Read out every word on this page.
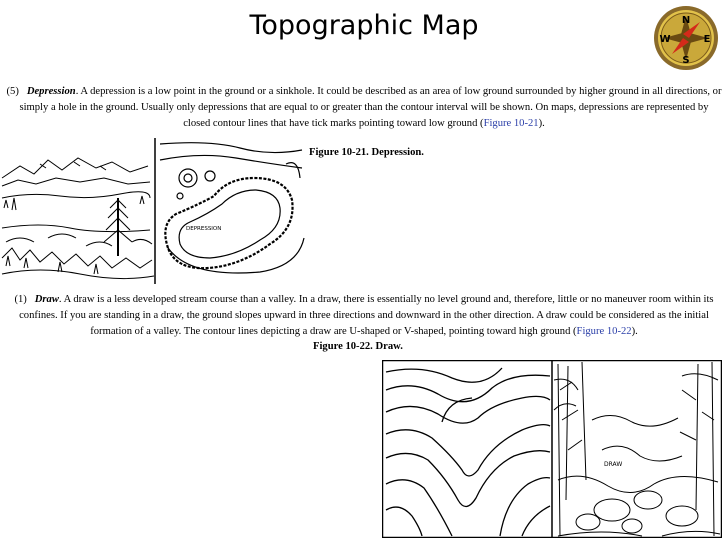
Topographic Map	N
S
W	E
(5) Depression. A depression is a low point in the ground or a sinkhole. It could be described as an area of low ground surrounded by higher ground in all directions, or simply a hole in the ground. Usually only depressions that are equal to or greater than the contour interval will be shown. On maps, depressions are represented by closed contour lines that have tick marks pointing toward low ground (Figure 10-21).
Figure 10-21. Depression.
DEPRESSION
(1) Draw. A draw is a less developed stream course than a valley. In a draw, there is essentially no level ground and, therefore, little or no maneuver room within its confines. If you are standing in a draw, the ground slopes upward in three directions and downward in the other direction. A draw could be considered as the initial formation of a valley. The contour lines depicting a draw are U-shaped or V-shaped, pointing toward high ground (Figure 10-22).
Figure 10-22. Draw.
DRAW
